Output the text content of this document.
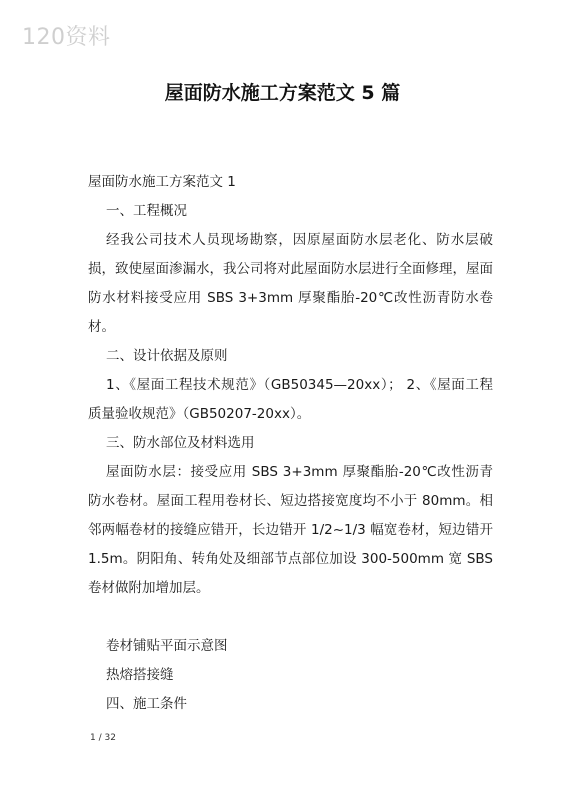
120资料
屋面防水施工方案范文 5 篇
屋面防水施工方案范文 1
一、工程概况
经我公司技术人员现场勘察，因原屋面防水层老化、防水层破损，致使屋面渗漏水，我公司将对此屋面防水层进行全面修理，屋面防水材料接受应用 SBS 3+3mm 厚聚酯胎-20℃改性沥青防水卷材。
二、设计依据及原则
1、《屋面工程技术规范》（GB50345—20xx）； 2、《屋面工程质量验收规范》（GB50207-20xx）。
三、防水部位及材料选用
屋面防水层：接受应用 SBS 3+3mm 厚聚酯胎-20℃改性沥青防水卷材。屋面工程用卷材长、短边搭接宽度均不小于 80mm。相邻两幅卷材的接缝应错开，长边错开 1/2~1/3 幅宽卷材，短边错开 1.5m。阴阳角、转角处及细部节点部位加设 300-500mm 宽 SBS 卷材做附加增加层。
卷材铺贴平面示意图
热熔搭接缝
四、施工条件
1 / 32
